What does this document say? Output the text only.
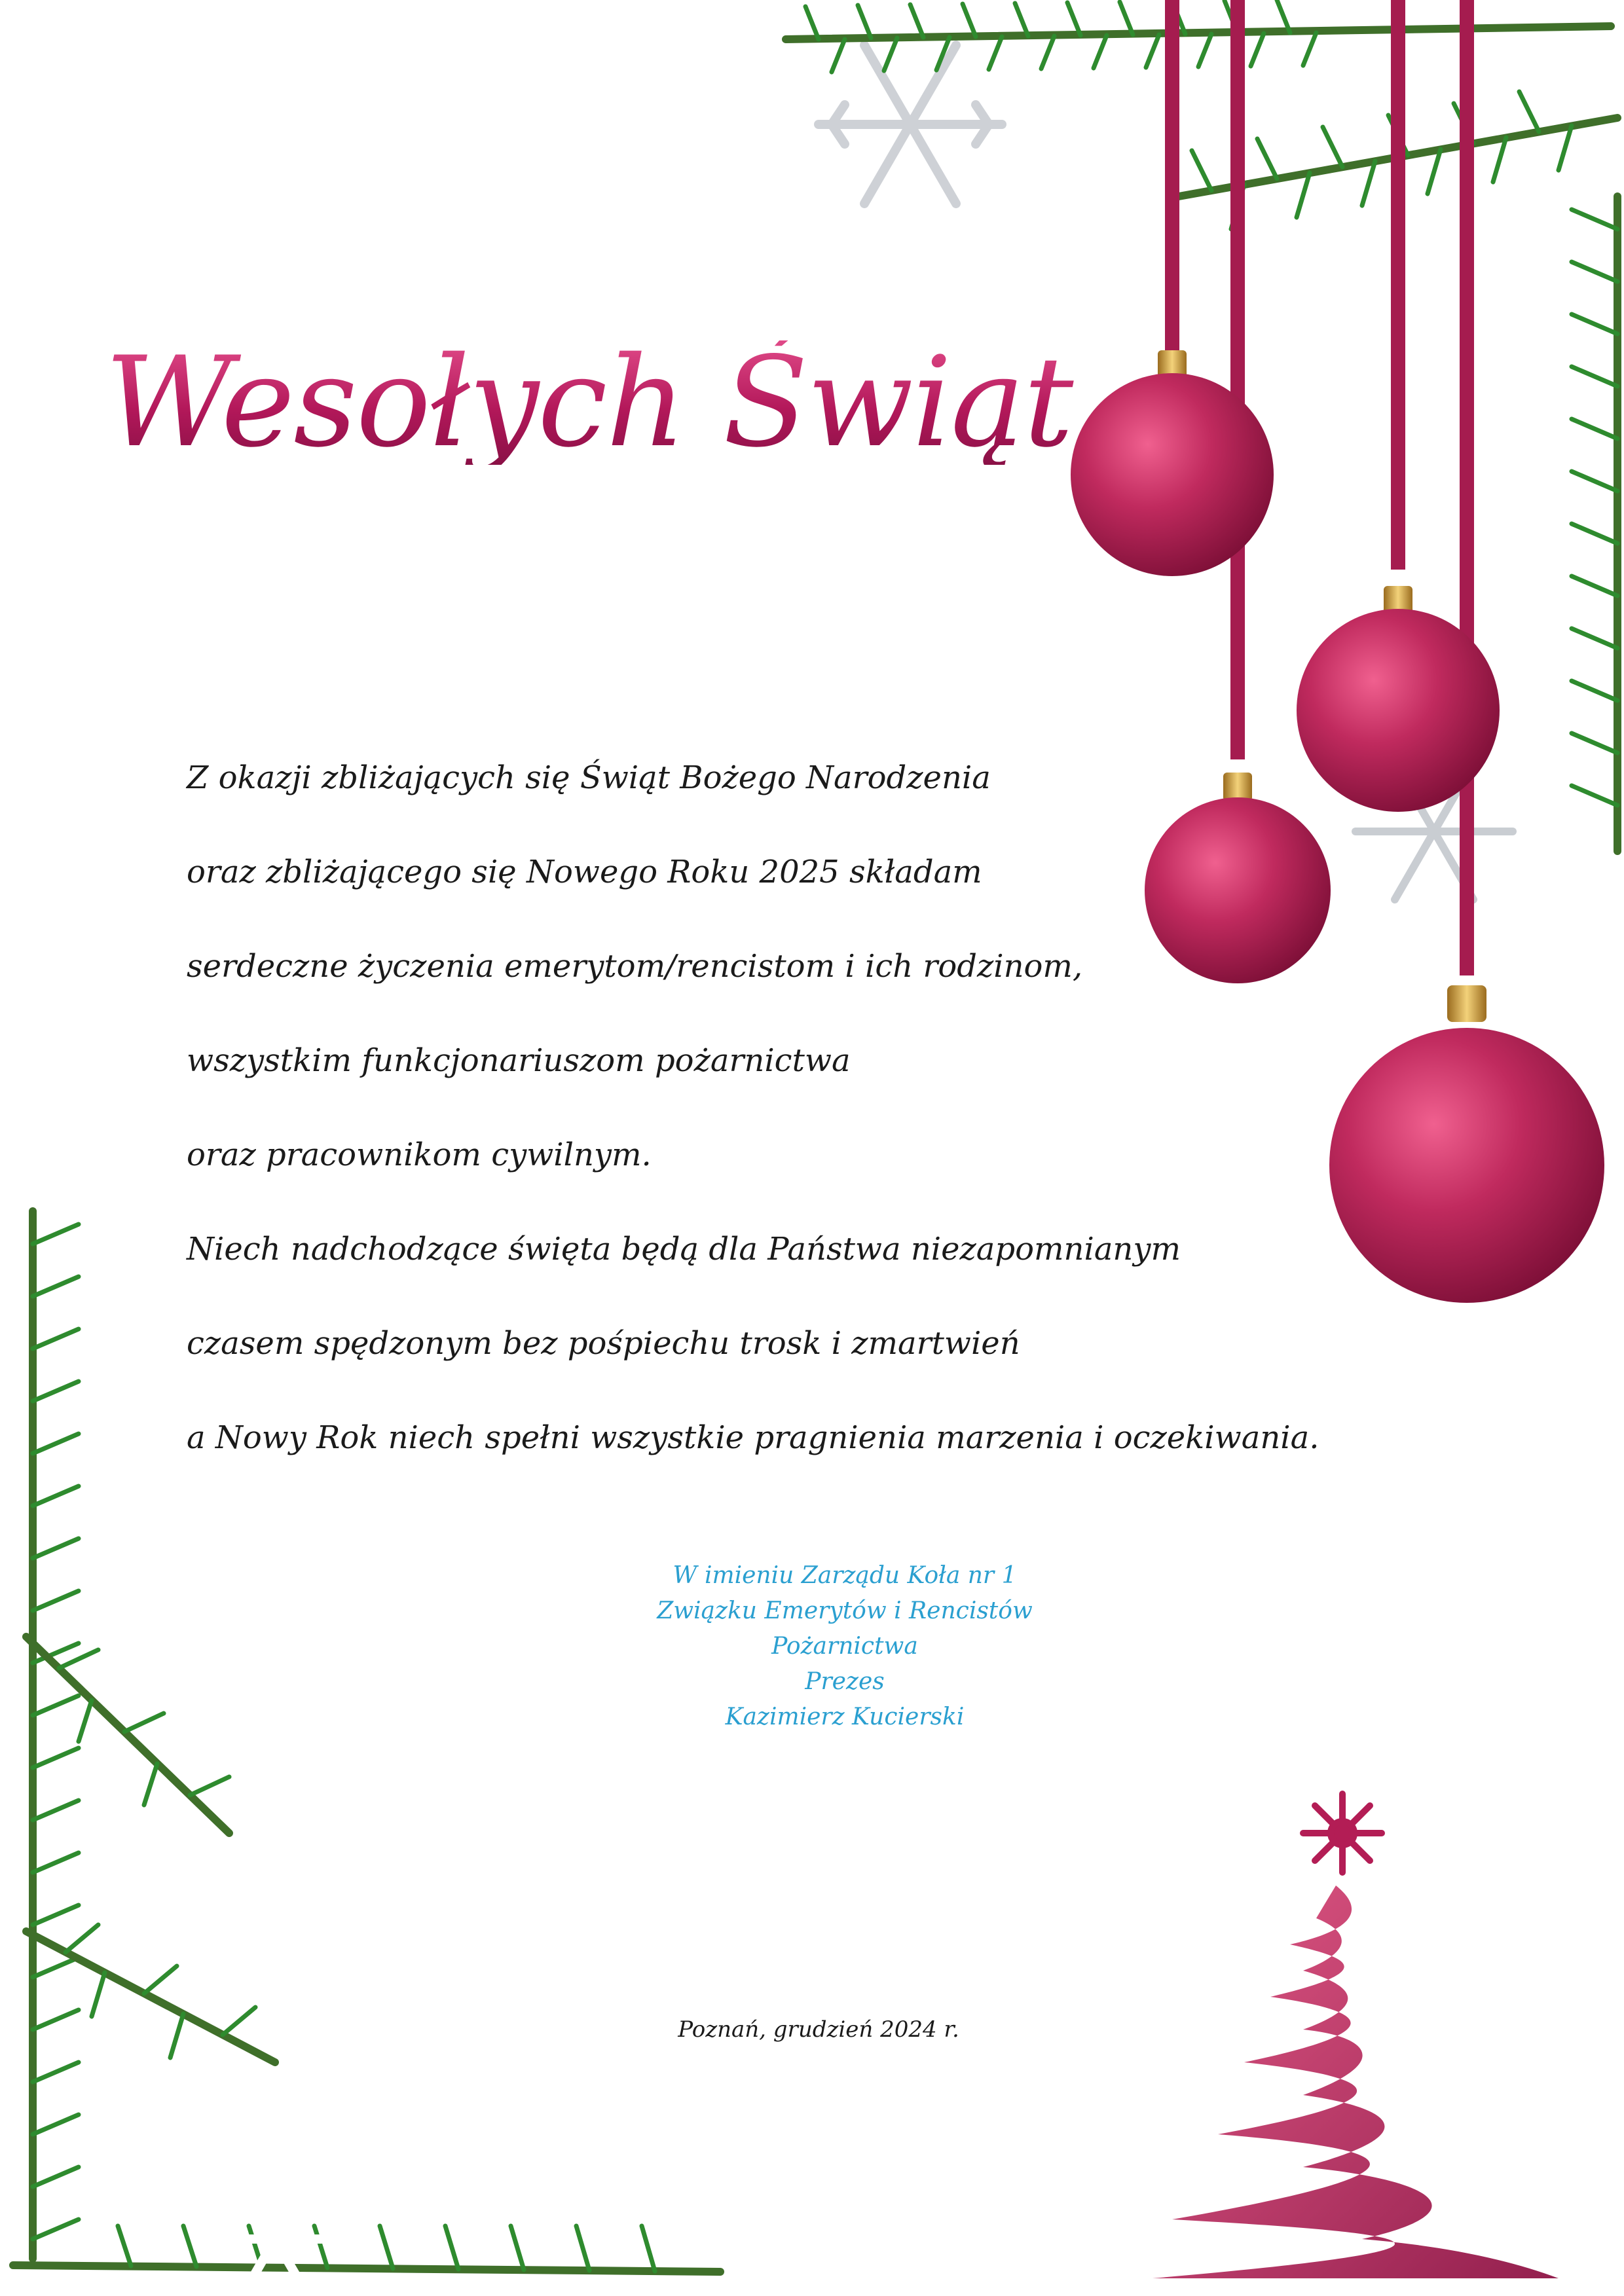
Wesołych Świąt
Z okazji zbliżających się Świąt Bożego Narodzenia
oraz zbliżającego się Nowego Roku 2025 składam
serdeczne życzenia emerytom/rencistom i ich rodzinom,
wszystkim funkcjonariuszom pożarnictwa
oraz pracownikom cywilnym.
Niech nadchodzące święta będą dla Państwa niezapomnianym
czasem spędzonym bez pośpiechu trosk i zmartwień
a Nowy Rok niech spełni wszystkie pragnienia marzenia i oczekiwania.
W imieniu Zarządu Koła nr 1
Związku Emerytów i Rencistów
Pożarnictwa
Prezes
Kazimierz Kucierski
Poznań, grudzień 2024 r.
